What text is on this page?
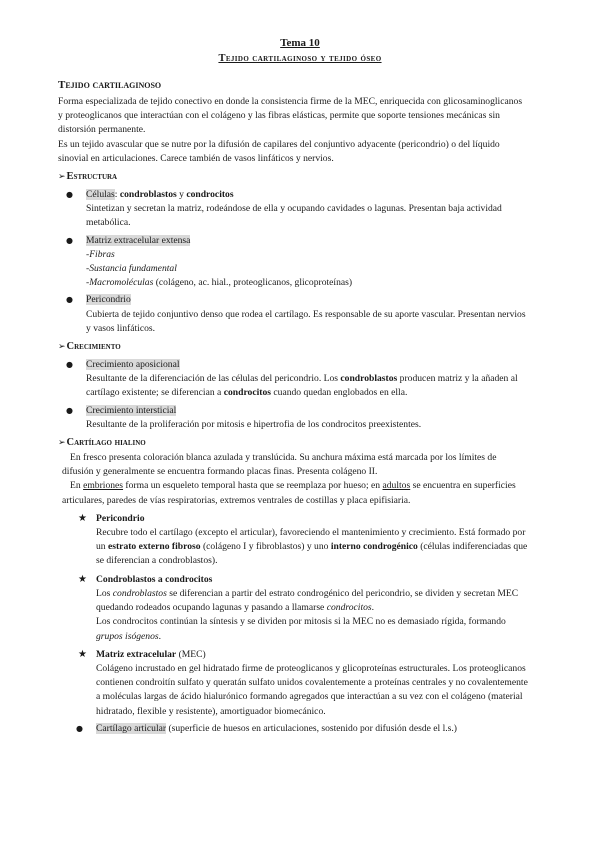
Tema 10
Tejido cartilaginoso y tejido óseo
Tejido cartilaginoso

Forma especializada de tejido conectivo en donde la consistencia firme de la MEC, enriquecida con glicosaminoglicanos y proteoglicanos que interactúan con el colágeno y las fibras elásticas, permite que soporte tensiones mecánicas sin distorsión permanente.

Es un tejido avascular que se nutre por la difusión de capilares del conjuntivo adyacente (pericondrio) o del líquido sinovial en articulaciones. Carece también de vasos linfáticos y nervios.

➢Estructura
● Células: condroblastos y condrocitos
Sintetizan y secretan la matriz, rodeándose de ella y ocupando cavidades o lagunas. Presentan baja actividad metabólica.
● Matriz extracelular extensa
-Fibras
-Sustancia fundamental
-Macromoléculas (colágeno, ac. hial., proteoglicanos, glicoproteínas)
● Pericondrio
Cubierta de tejido conjuntivo denso que rodea el cartílago. Es responsable de su aporte vascular. Presentan nervios y vasos linfáticos.
➢Crecimiento
● Crecimiento aposicional
Resultante de la diferenciación de las células del pericondrio. Los condroblastos producen matriz y la añaden al cartílago existente; se diferencian a condrocitos cuando quedan englobados en ella.
● Crecimiento intersticial
Resultante de la proliferación por mitosis e hipertrofia de los condrocitos preexistentes.
➢Cartílago hialino

En fresco presenta coloración blanca azulada y translúcida. Su anchura máxima está marcada por los límites de difusión y generalmente se encuentra formando placas finas. Presenta colágeno II.

En embriones forma un esqueleto temporal hasta que se reemplaza por hueso; en adultos se encuentra en superficies articulares, paredes de vías respiratorias, extremos ventrales de costillas y placa epifisiaria.

★ Pericondrio
Recubre todo el cartílago (excepto el articular), favoreciendo el mantenimiento y crecimiento. Está formado por un estrato externo fibroso (colágeno I y fibroblastos) y uno interno condrogénico (células indiferenciadas que se diferencian a condroblastos).
★ Condroblastos a condrocitos
Los condroblastos se diferencian a partir del estrato condrogénico del pericondrio, se dividen y secretan MEC quedando rodeados ocupando lagunas y pasando a llamarse condrocitos.
Los condrocitos continúan la síntesis y se dividen por mitosis si la MEC no es demasiado rígida, formando grupos isógenos.
★ Matriz extracelular (MEC)
Colágeno incrustado en gel hidratado firme de proteoglicanos y glicoproteínas estructurales. Los proteoglicanos contienen condroitín sulfato y queratán sulfato unidos covalentemente a proteínas centrales y no covalentemente a moléculas largas de ácido hialurónico formando agregados que interactúan a su vez con el colágeno (material hidratado, flexible y resistente), amortiguador biomecánico.
● Cartílago articular (superficie de huesos en articulaciones, sostenido por difusión desde el l.s.)
